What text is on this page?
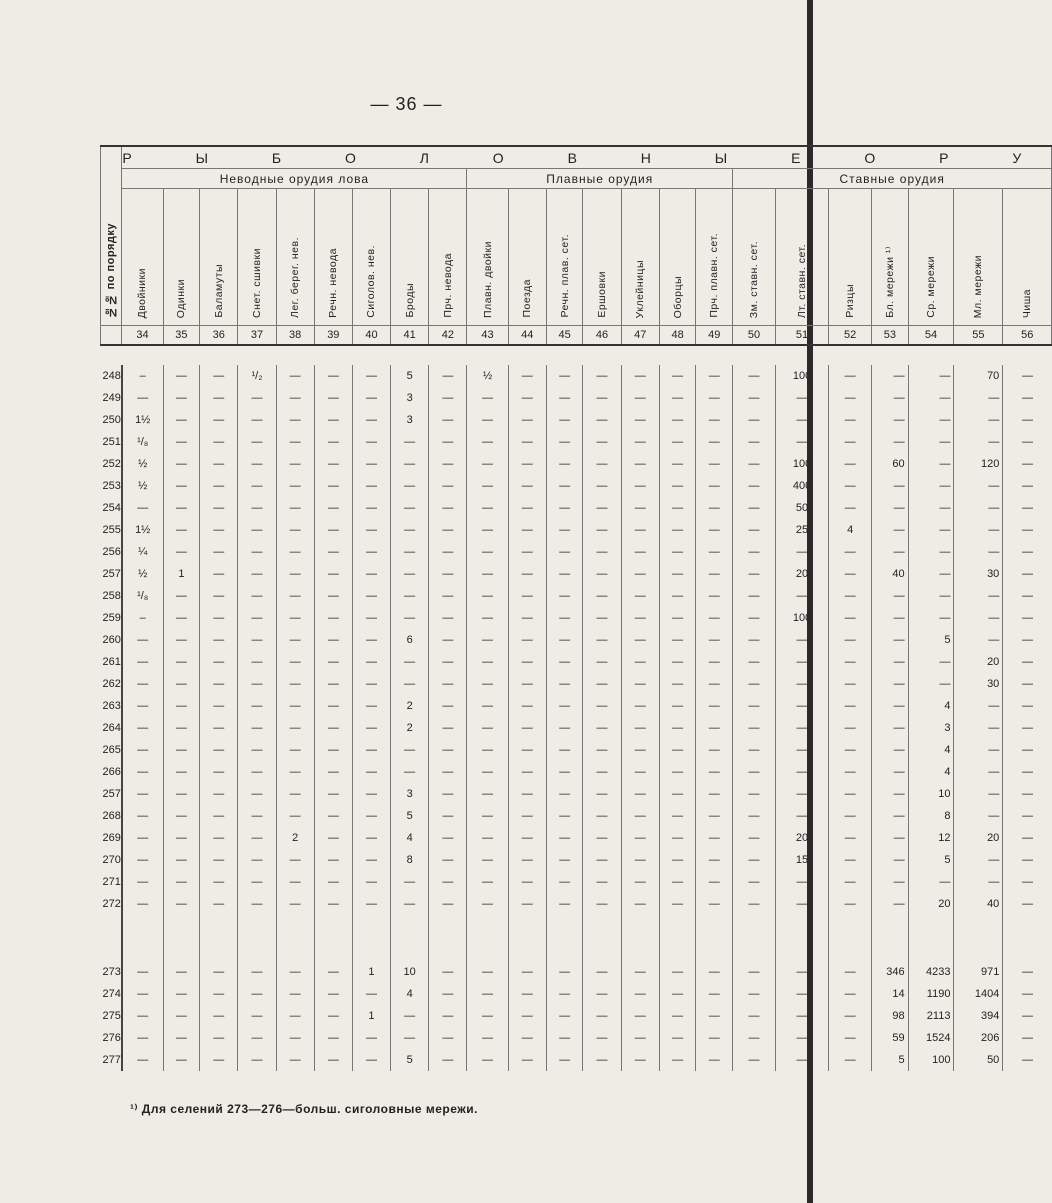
— 36 —
№№ по порядку	Р Ы Б О Л О В Н Ы Е О Р У																						
	Неводные орудия лова									Плавные орудия							Ставные орудия						
	Двойники	Одинки	Баламуты	Снет. сшивки	Лег. берег. нев.	Речн. невода	Сиголов. нев.	Броды	Прч. невода	Плавн. двойки	Поезда	Речн. плав. сет.	Ершовки	Уклейницы	Оборцы	Прч. плавн. сет.	Зм. ставн. сет.	Лт. ставн. сет.	Ризцы	Бл. мережи ¹⁾	Ср. мережи	Мл. мережи	Чиша
	34	35	36	37	38	39	40	41	42	43	44	45	46	47	48	49	50	51	52	53	54	55	56

248	–	—	—	¹/₂	—	—	—	5	—	½	—	—	—	—	—	—	—	100	—	—	—	70	—
249	—	—	—	—	—	—	—	3	—	—	—	—	—	—	—	—	—	—	—	—	—	—	—
250	1½	—	—	—	—	—	—	3	—	—	—	—	—	—	—	—	—	—	—	—	—	—	—
251	¹/₈	—	—	—	—	—	—	—	—	—	—	—	—	—	—	—	—	—	—	—	—	—	—
252	½	—	—	—	—	—	—	—	—	—	—	—	—	—	—	—	—	100	—	60	—	120	—
253	½	—	—	—	—	—	—	—	—	—	—	—	—	—	—	—	—	400	—	—	—	—	—
254	—	—	—	—	—	—	—	—	—	—	—	—	—	—	—	—	—	50	—	—	—	—	—
255	1½	—	—	—	—	—	—	—	—	—	—	—	—	—	—	—	—	25	4	—	—	—	—
256	¼	—	—	—	—	—	—	—	—	—	—	—	—	—	—	—	—	—	—	—	—	—	—
257	½	1	—	—	—	—	—	—	—	—	—	—	—	—	—	—	—	20	—	40	—	30	—
258	¹/₈	—	—	—	—	—	—	—	—	—	—	—	—	—	—	—	—	—	—	—	—	—	—
259	–	—	—	—	—	—	—	—	—	—	—	—	—	—	—	—	—	100	—	—	—	—	—
260	—	—	—	—	—	—	—	6	—	—	—	—	—	—	—	—	—	—	—	—	5	—	—
261	—	—	—	—	—	—	—	—	—	—	—	—	—	—	—	—	—	—	—	—	—	20	—
262	—	—	—	—	—	—	—	—	—	—	—	—	—	—	—	—	—	—	—	—	—	30	—
263	—	—	—	—	—	—	—	2	—	—	—	—	—	—	—	—	—	—	—	—	4	—	—
264	—	—	—	—	—	—	—	2	—	—	—	—	—	—	—	—	—	—	—	—	3	—	—
265	—	—	—	—	—	—	—	—	—	—	—	—	—	—	—	—	—	—	—	—	4	—	—
266	—	—	—	—	—	—	—	—	—	—	—	—	—	—	—	—	—	—	—	—	4	—	—
257	—	—	—	—	—	—	—	3	—	—	—	—	—	—	—	—	—	—	—	—	10	—	—
268	—	—	—	—	—	—	—	5	—	—	—	—	—	—	—	—	—	—	—	—	8	—	—
269	—	—	—	—	2	—	—	4	—	—	—	—	—	—	—	—	—	20	—	—	12	20	—
270	—	—	—	—	—	—	—	8	—	—	—	—	—	—	—	—	—	15	—	—	5	—	—
271	—	—	—	—	—	—	—	—	—	—	—	—	—	—	—	—	—	—	—	—	—	—	—
272	—	—	—	—	—	—	—	—	—	—	—	—	—	—	—	—	—	—	—	—	20	40	—

273	—	—	—	—	—	—	1	10	—	—	—	—	—	—	—	—	—	—	—	346	4233	971	—
274	—	—	—	—	—	—	—	4	—	—	—	—	—	—	—	—	—	—	—	14	1190	1404	—
275	—	—	—	—	—	—	1	—	—	—	—	—	—	—	—	—	—	—	—	98	2113	394	—
276	—	—	—	—	—	—	—	—	—	—	—	—	—	—	—	—	—	—	—	59	1524	206	—
277	—	—	—	—	—	—	—	5	—	—	—	—	—	—	—	—	—	—	—	5	100	50	—
¹⁾ Для селений 273—276—больш. сиголовные мережи.
